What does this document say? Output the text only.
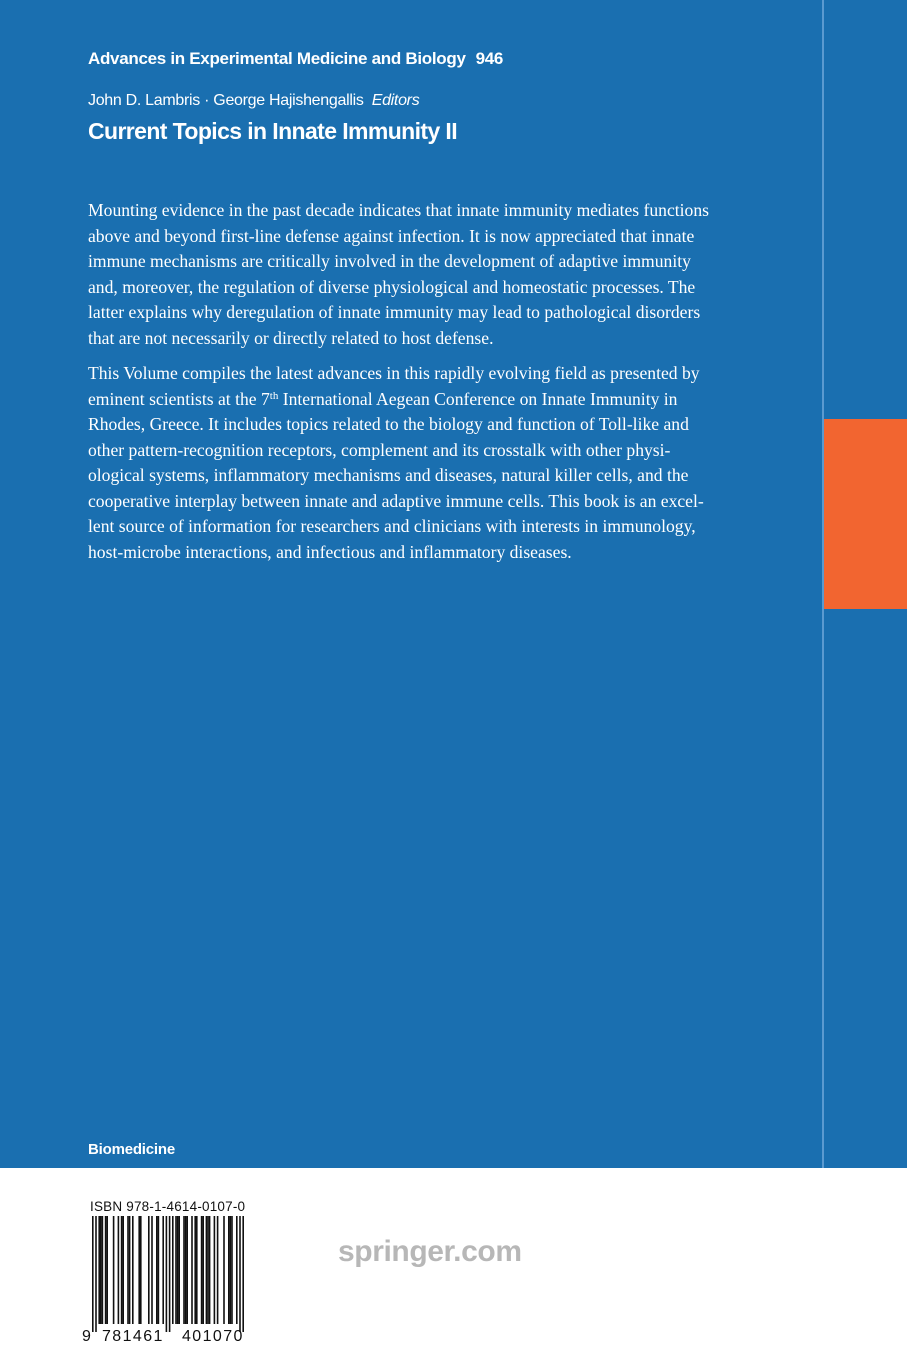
Advances in Experimental Medicine and Biology 946
John D. Lambris · George Hajishengallis Editors
Current Topics in Innate Immunity II

Mounting evidence in the past decade indicates that innate immunity mediates functions
above and beyond first-line defense against infection. It is now appreciated that innate
immune mechanisms are critically involved in the development of adaptive immunity
and, moreover, the regulation of diverse physiological and homeostatic processes. The
latter explains why deregulation of innate immunity may lead to pathological disorders
that are not necessarily or directly related to host defense.

This Volume compiles the latest advances in this rapidly evolving field as presented by
eminent scientists at the 7th International Aegean Conference on Innate Immunity in
Rhodes, Greece. It includes topics related to the biology and function of Toll-like and
other pattern-recognition receptors, complement and its crosstalk with other physi-
ological systems, inflammatory mechanisms and diseases, natural killer cells, and the
cooperative interplay between innate and adaptive immune cells. This book is an excel-
lent source of information for researchers and clinicians with interests in immunology,
host-microbe interactions, and infectious and inflammatory diseases.

Biomedicine
ISBN 978-1-4614-0107-0
9 781461 401070
springer.com
